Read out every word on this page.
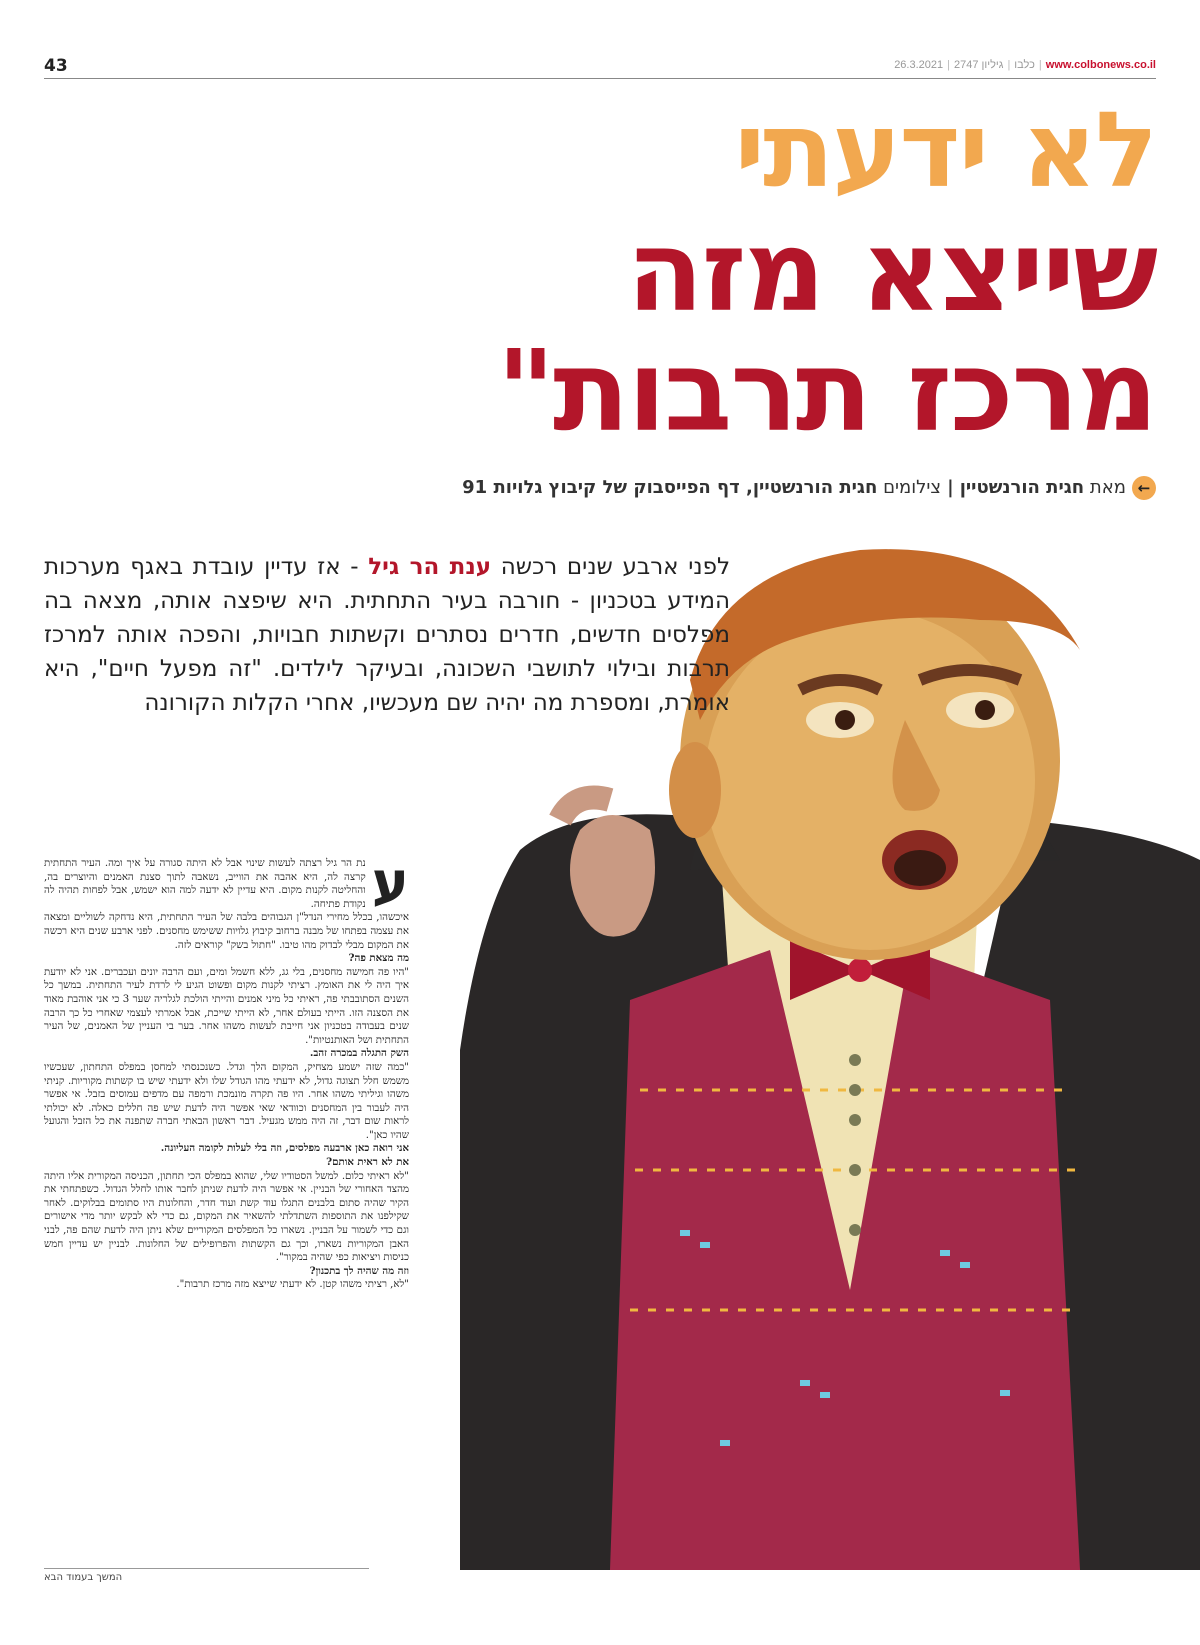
43	www.colbonews.co.il|כלבו|גיליון 2747|26.3.2021
לא ידעתי
שייצא מזה
מרכז תרבות"
←מאת חגית הורנשטיין|צילומים חגית הורנשטיין, דף הפייסבוק של קיבוץ גלויות 91
לפני ארבע שנים רכשה ענת הר גיל - אז עדיין עובדת באגף מערכות המידע בטכניון - חורבה בעיר התחתית. היא שיפצה אותה, מצאה בה מפלסים חדשים, חדרים נסתרים וקשתות חבויות, והפכה אותה למרכז תרבות ובילוי לתושבי השכונה, ובעיקר לילדים. "זה מפעל חיים", היא אומרת, ומספרת מה יהיה שם מעכשיו, אחרי הקלות הקורונה
ע

נת הר גיל רצתה לעשות שינוי אבל לא היתה סגורה על איך ומה. העיר התחתית קרצה לה, היא אהבה את הווייב, נשאבה לתוך סצנת האמנים והיוצרים בה, והחליטה לקנות מקום. היא עדיין לא ידעה למה הוא ישמש, אבל לפחות תהיה לה נקודת פתיחה.

איכשהו, בכלל מחירי הנדל"ן הגבוהים בלבה של העיר התחתית, היא נדחקה לשוליים ומצאה את עצמה בפתחו של מבנה ברחוב קיבוץ גלויות ששימש מחסנים. לפני ארבע שנים היא רכשה את המקום מבלי לבדוק מהו טיבו. "חתול בשק" קוראים לזה.

מה מצאת פה?

"היו פה חמישה מחסנים, בלי גג, ללא חשמל ומים, ועם הרבה יונים ועכברים. אני לא יודעת איך היה לי את האומץ. רציתי לקנות מקום ופשוט הגיע לי לרדת לעיר התחתית. במשך כל השנים הסתובבתי פה, ראיתי כל מיני אמנים והייתי הולכת לגלריה שער 3 כי אני אוהבת מאוד את הסצנה הזו. הייתי בעולם אחר, לא הייתי שייכת, אבל אמרתי לעצמי שאחרי כל כך הרבה שנים בעבודה בטכניון אני חייבת לעשות משהו אחר. בער בי העניין של האמנים, של העיר התחתית ושל האותנטיות".

השק התגלה במכרה זהב.

"כמה שזה ישמע מצחיק, המקום הלך וגדל. כשנכנסתי למחסן במפלס התחתון, שעכשיו משמש חלל תצוגה גדול, לא ידעתי מהו הגודל שלו ולא ידעתי שיש בו קשתות מקוריות. קניתי משהו וגיליתי משהו אחר. היו פה תקרה מונמכת ורמפה עם מדפים עמוסים בזבל. אי אפשר היה לעבור בין המחסנים וכוודאי שאי אפשר היה לדעת שיש פה חללים כאלה. לא יכולתי לראות שום דבר, זה היה ממש מגעיל. דבר ראשון הבאתי חברה שתפנה את כל הזבל והגועל שהיו כאן".

אני רואה כאן ארבעה מפלסים, וזה בלי לעלות לקומה העליונה.

את לא ראית אותם?

"לא ראיתי כלום. למשל הסטודיו שלי, שהוא במפלס הכי תחתון, הכניסה המקורית אליו היתה מהצד האחורי של הבניין. אי אפשר היה לדעת שניתן לחבר אותו לחלל הגדול. כשפתחתי את הקיר שהיה סתום בלבנים התגלו עוד קשת ועוד חדר, והחלונות היו סתומים בבלוקים. לאחר שקילפנו את התוספות השתדלתי להשאיר את המקום, גם כדי לא לבקש יותר מדי אישורים וגם כדי לשמור על הבניין. נשארו כל המפלסים המקוריים שלא ניתן היה לדעת שהם פה, לבני האבן המקוריות נשארו, וכך גם הקשתות והפרופילים של החלונות. לבניין יש עדיין חמש כניסות ויציאות כפי שהיה במקור".

וזה מה שהיה לך בתכנון?

"לא, רציתי משהו קטן. לא ידעתי שייצא מזה מרכז תרבות".

המשך בעמוד הבא
